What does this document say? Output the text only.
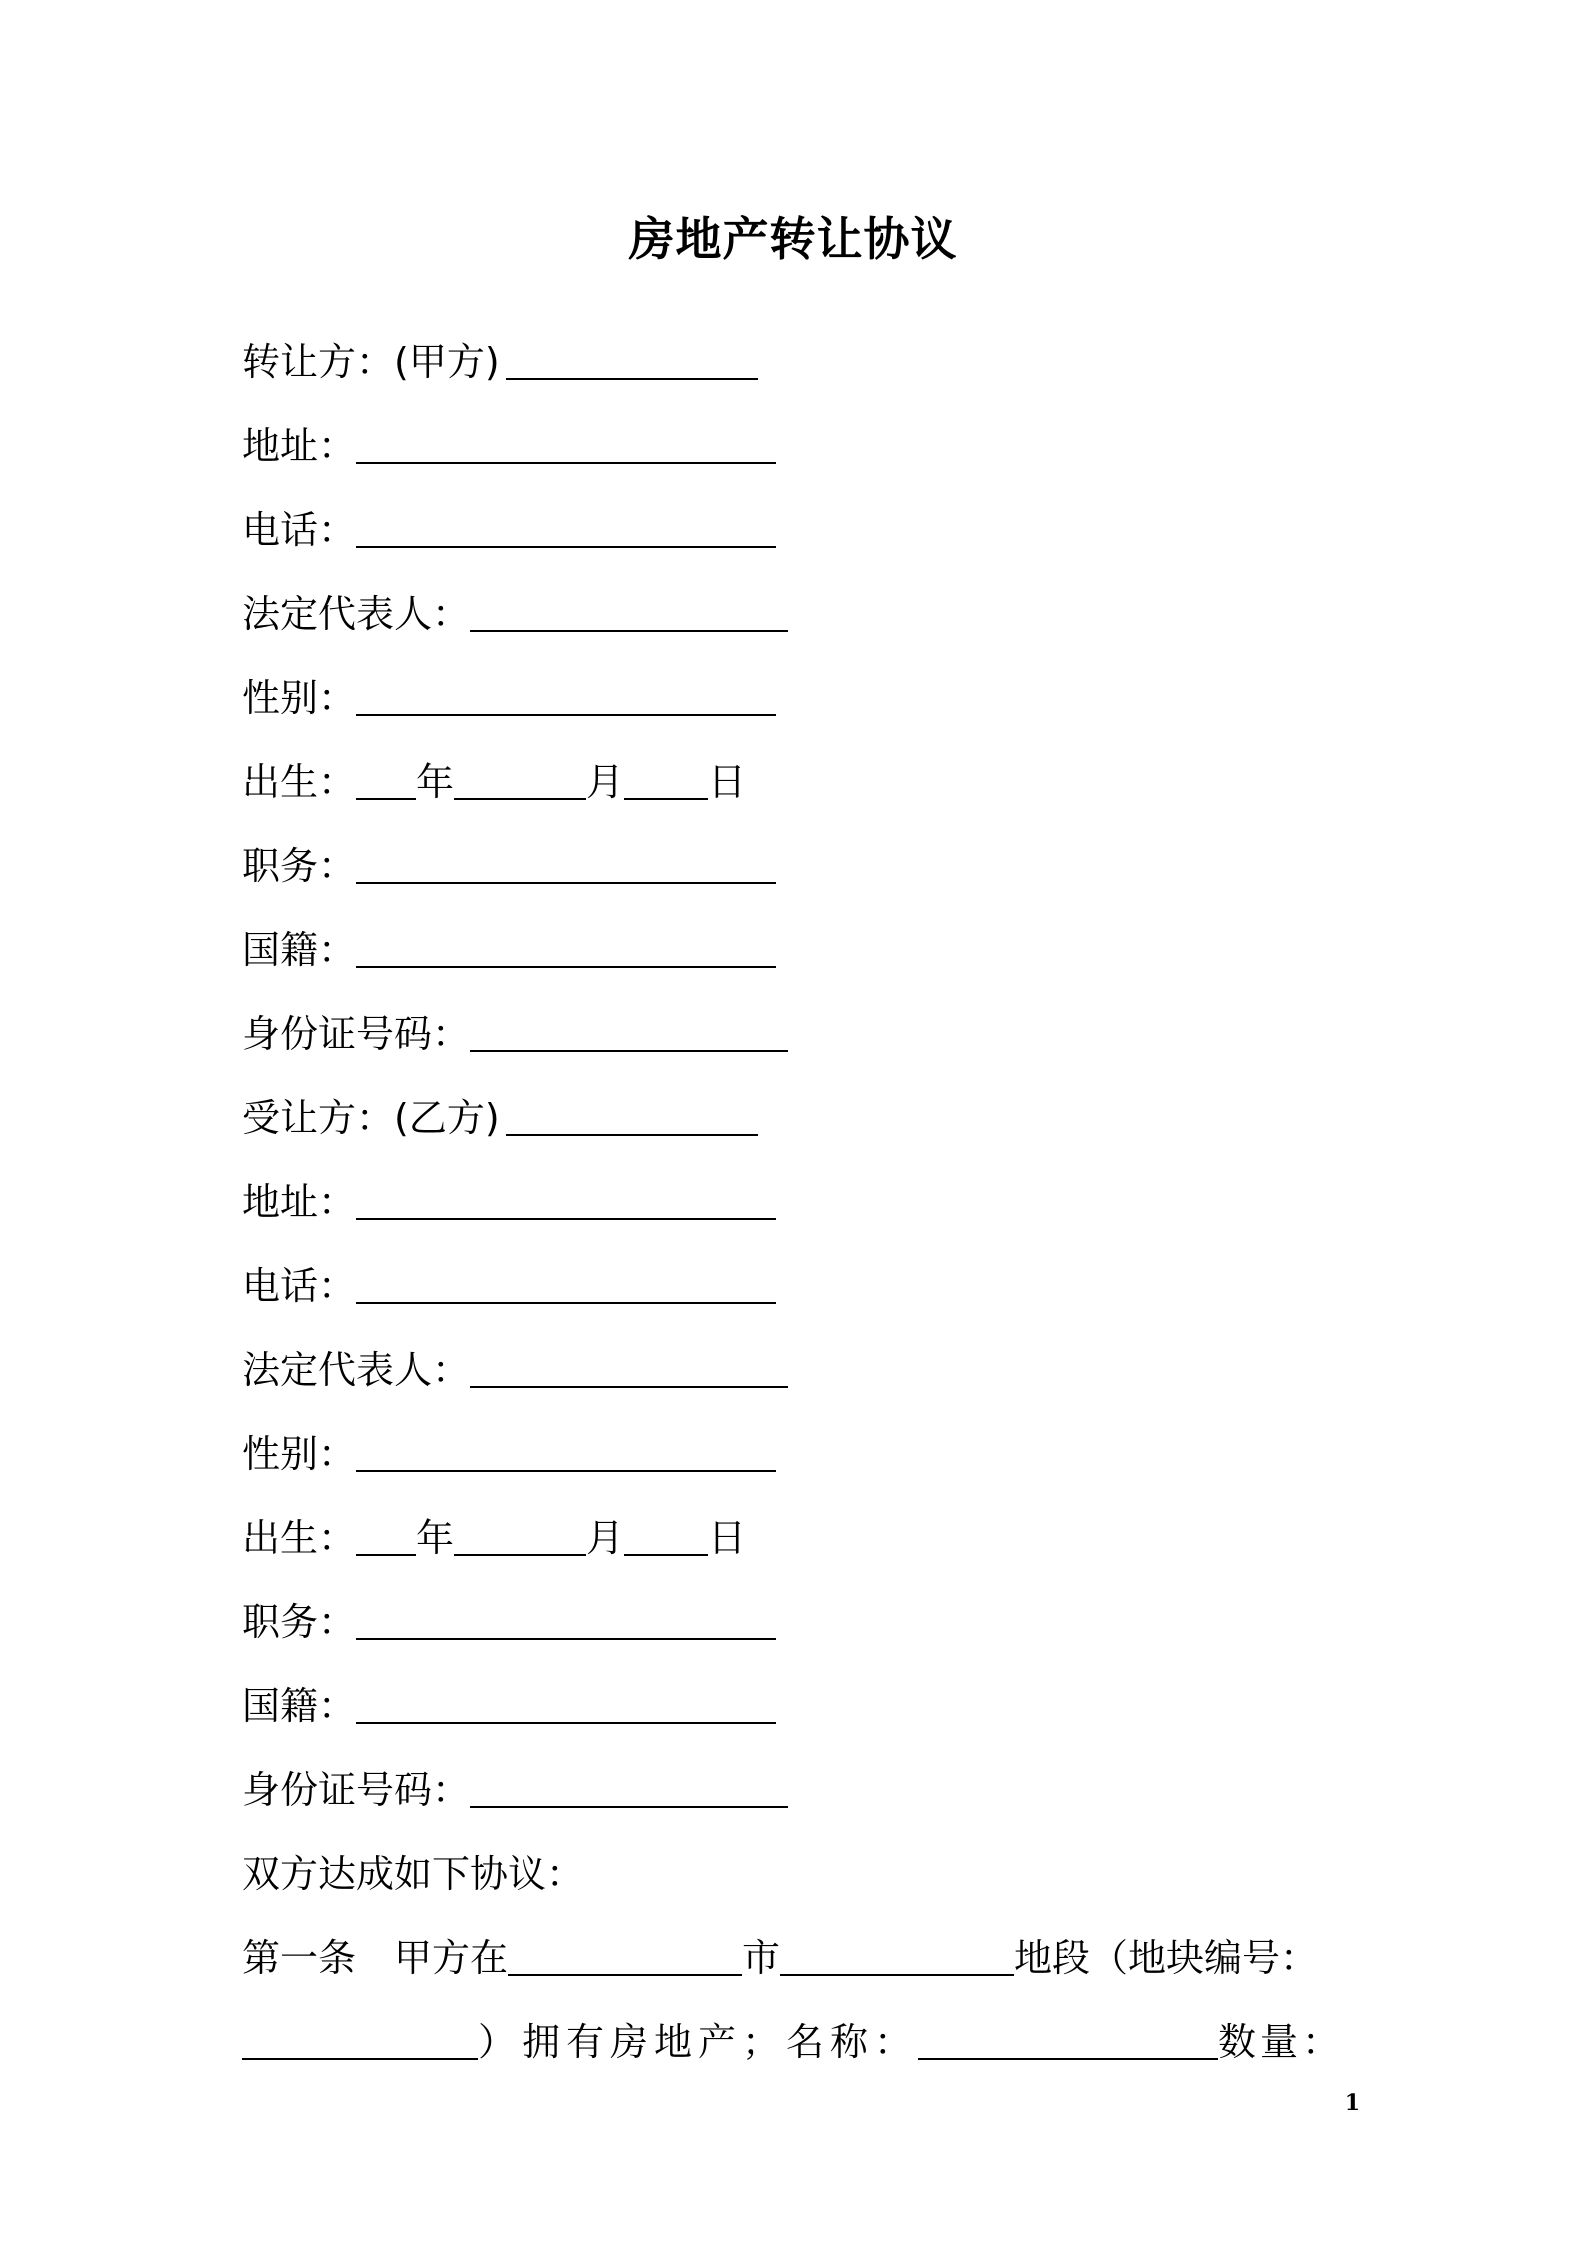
房地产转让协议
转让方：(甲方)
地址：
电话：
法定代表人：
性别：
出生： 年	月 日
职务：
国籍：
身份证号码：
受让方：(乙方)
地址：
电话：
法定代表人：
性别：
出生： 年	月 日
职务：
国籍：
身份证号码：
双方达成如下协议：
第一条　甲方在	市	地段（地块编号：
）拥有房地产；名称：	数量：
1
